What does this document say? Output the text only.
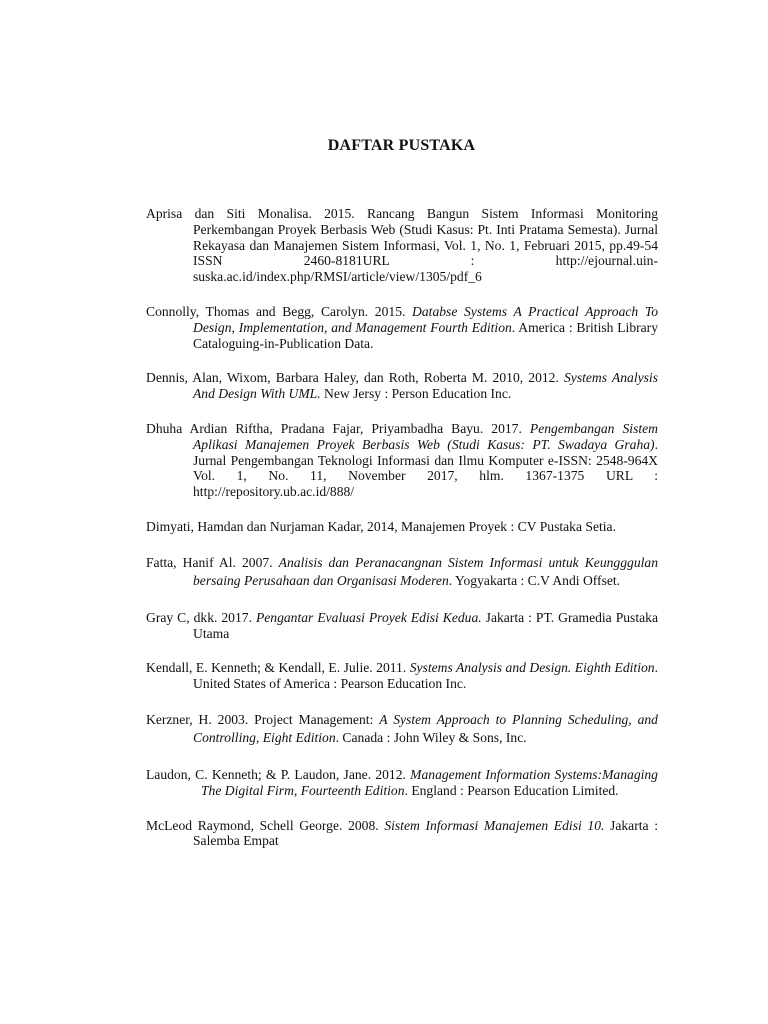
DAFTAR PUSTAKA

Aprisa dan Siti Monalisa. 2015. Rancang Bangun Sistem Informasi Monitoring Perkembangan Proyek Berbasis Web (Studi Kasus: Pt. Inti Pratama Semesta). Jurnal Rekayasa dan Manajemen Sistem Informasi, Vol. 1, No. 1, Februari 2015, pp.49-54 ISSN 2460-8181URL : http://ejournal.uin-suska.ac.id/index.php/RMSI/article/view/1305/pdf_6

Connolly, Thomas and Begg, Carolyn. 2015. Databse Systems A Practical Approach To Design, Implementation, and Management Fourth Edition. America : British Library Cataloguing-in-Publication Data.

Dennis, Alan, Wixom, Barbara Haley, dan Roth, Roberta M. 2010, 2012. Systems Analysis And Design With UML. New Jersy : Person Education Inc.

Dhuha Ardian Riftha, Pradana Fajar, Priyambadha Bayu. 2017. Pengembangan Sistem Aplikasi Manajemen Proyek Berbasis Web (Studi Kasus: PT. Swadaya Graha). Jurnal Pengembangan Teknologi Informasi dan Ilmu Komputer e-ISSN: 2548-964X Vol. 1, No. 11, November 2017, hlm. 1367-1375 URL : http://repository.ub.ac.id/888/

Dimyati, Hamdan dan Nurjaman Kadar, 2014, Manajemen Proyek : CV Pustaka Setia.

Fatta, Hanif Al. 2007. Analisis dan Peranacangnan Sistem Informasi untuk Keungggulan bersaing Perusahaan dan Organisasi Moderen. Yogyakarta : C.V Andi Offset.

Gray C, dkk. 2017. Pengantar Evaluasi Proyek Edisi Kedua. Jakarta : PT. Gramedia Pustaka Utama

Kendall, E. Kenneth; & Kendall, E. Julie. 2011. Systems Analysis and Design. Eighth Edition. United States of America : Pearson Education Inc.

Kerzner, H. 2003. Project Management: A System Approach to Planning Scheduling, and Controlling, Eight Edition. Canada : John Wiley & Sons, Inc.

Laudon, C. Kenneth; & P. Laudon, Jane. 2012. Management Information Systems:Managing The Digital Firm, Fourteenth Edition. England : Pearson Education Limited.

McLeod Raymond, Schell George. 2008. Sistem Informasi Manajemen Edisi 10. Jakarta : Salemba Empat
